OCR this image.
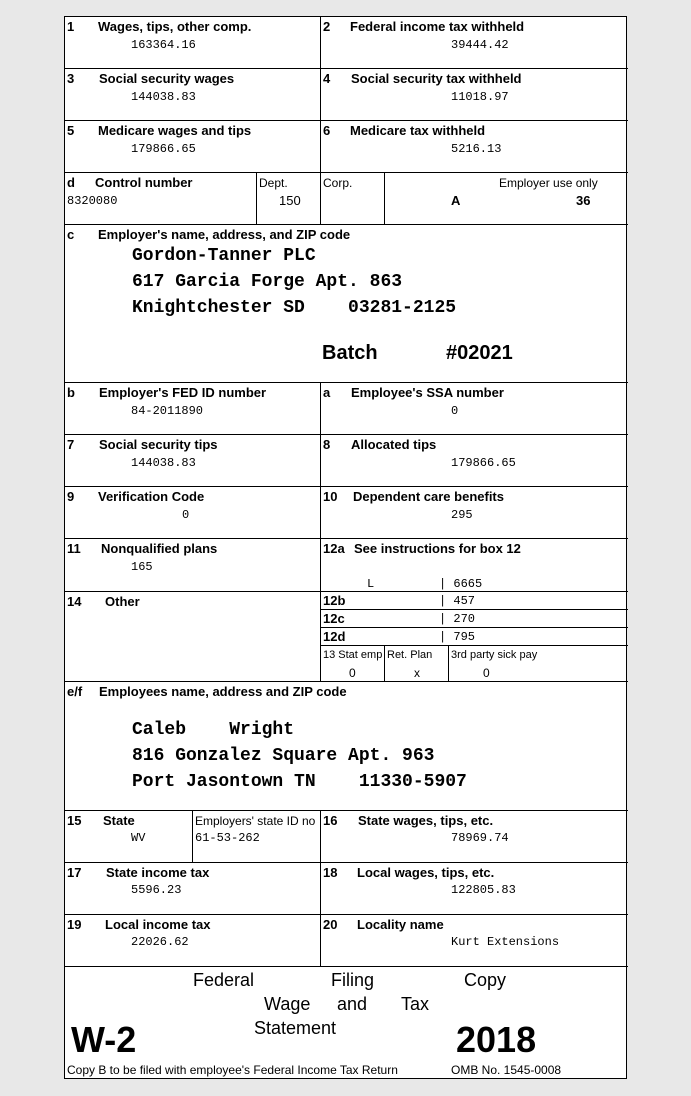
1 Wages, tips, other comp.
163364.16
2 Federal income tax withheld
39444.42
3 Social security wages
144038.83
4 Social security tax withheld
11018.97
5 Medicare wages and tips
179866.65
6 Medicare tax withheld
5216.13
d Control number
8320080
Dept.
150
Corp.	Employer use only
A	36
c Employer's name, address, and ZIP code
Gordon-Tanner PLC
617 Garcia Forge Apt. 863
Knightchester SD    03281-2125
Batch	#02021
b Employer's FED ID number
84-2011890
a Employee's SSA number
0
7 Social security tips
144038.83
8 Allocated tips
179866.65
9 Verification Code
0
10 Dependent care benefits
295
11 Nonqualified plans
165
12a See instructions for box 12
L	| 6665
14 Other	12b	| 457
12c	| 270
12d	| 795
13 Stat emp
0
Ret. Plan
x
3rd party sick pay
0
e/f Employees name, address and ZIP code
Caleb    Wright
816 Gonzalez Square Apt. 963
Port Jasontown TN    11330-5907
15 State
WV
Employers' state ID no
61-53-262
16 State wages, tips, etc.
78969.74
17 State income tax
5596.23
18 Local wages, tips, etc.
122805.83
19 Local income tax
22026.62
20 Locality name
Kurt Extensions
Federal	Filing	Copy
Wage and Tax
Statement
W-2	2018
Copy B to be filed with employee's Federal Income Tax Return	OMB No. 1545-0008
